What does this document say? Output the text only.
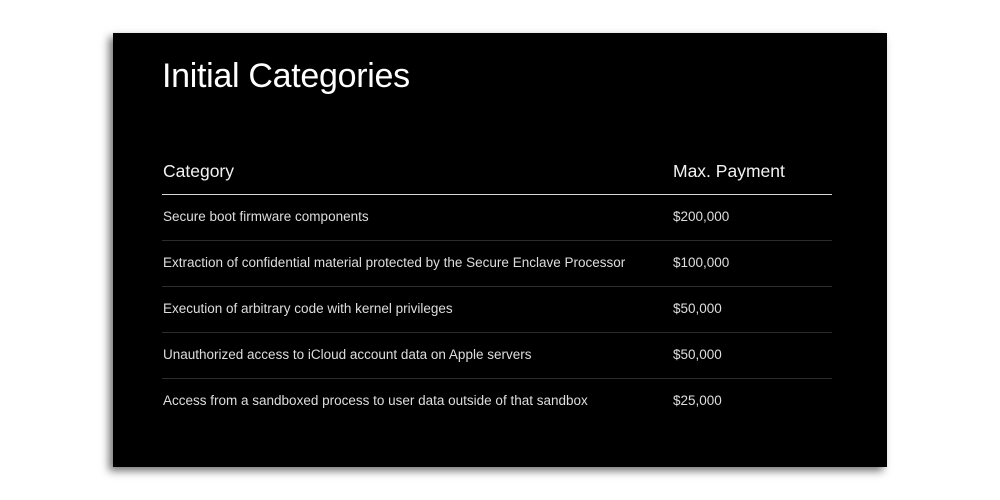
Initial Categories
Category	Max. Payment
Secure boot firmware components	$200,000
Extraction of confidential material protected by the Secure Enclave Processor	$100,000
Execution of arbitrary code with kernel privileges	$50,000
Unauthorized access to iCloud account data on Apple servers	$50,000
Access from a sandboxed process to user data outside of that sandbox	$25,000
